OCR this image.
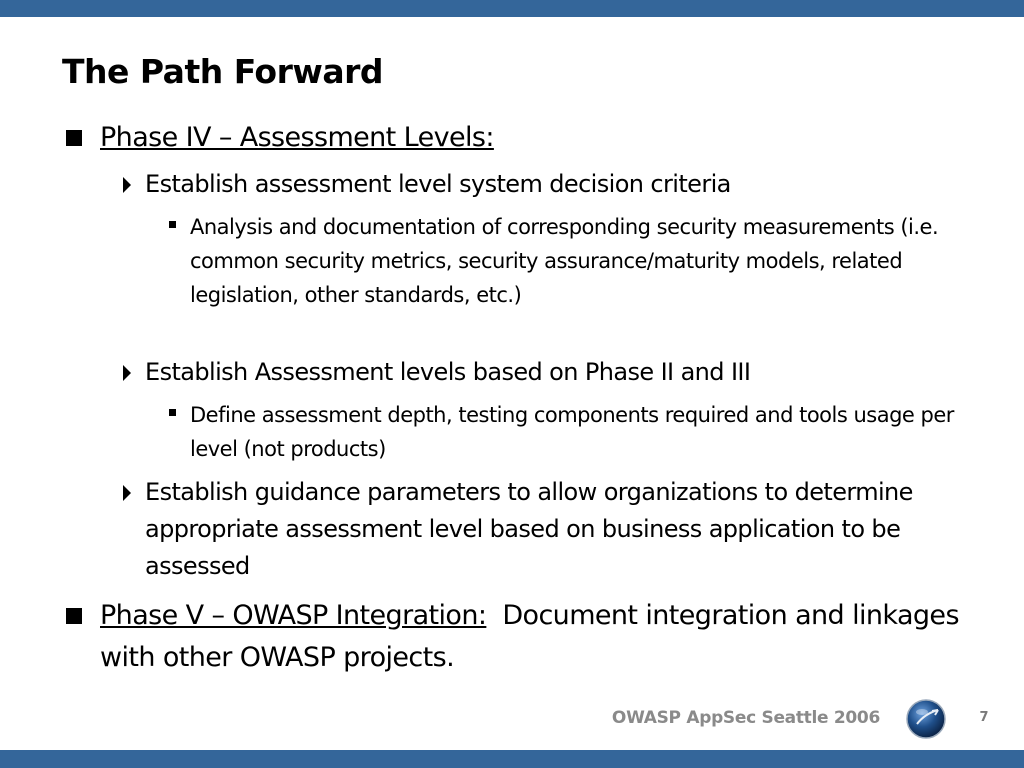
The Path Forward
Phase IV – Assessment Levels:
Establish assessment level system decision criteria
Analysis and documentation of corresponding security measurements (i.e. common security metrics, security assurance/maturity models, related legislation, other standards, etc.)
Establish Assessment levels based on Phase II and III
Define assessment depth, testing components required and tools usage per level (not products)
Establish guidance parameters to allow organizations to determine appropriate assessment level based on business application to be assessed
Phase V – OWASP Integration: Document integration and linkages with other OWASP projects.
OWASP AppSec Seattle 2006	7
